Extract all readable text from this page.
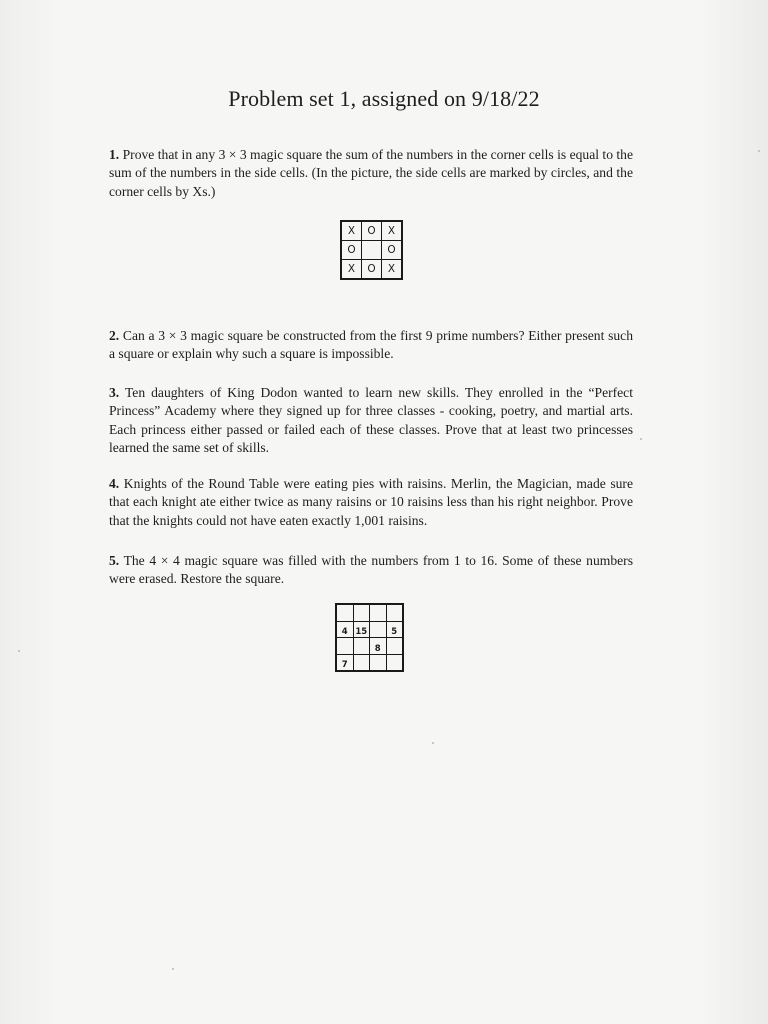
Problem set 1, assigned on 9/18/22
1. Prove that in any 3 × 3 magic square the sum of the numbers in the corner cells is equal to the sum of the numbers in the side cells. (In the picture, the side cells are marked by circles, and the corner cells by Xs.)
X	O	X
O		O
X	O	X
2. Can a 3 × 3 magic square be constructed from the first 9 prime numbers? Either present such a square or explain why such a square is impossible.
3. Ten daughters of King Dodon wanted to learn new skills. They enrolled in the “Perfect Princess” Academy where they signed up for three classes - cooking, poetry, and martial arts. Each princess either passed or failed each of these classes. Prove that at least two princesses learned the same set of skills.
4. Knights of the Round Table were eating pies with raisins. Merlin, the Magician, made sure that each knight ate either twice as many raisins or 10 raisins less than his right neighbor. Prove that the knights could not have eaten exactly 1,001 raisins.
5. The 4 × 4 magic square was filled with the numbers from 1 to 16. Some of these numbers were erased. Restore the square.

4	15		5
		8	
7			
